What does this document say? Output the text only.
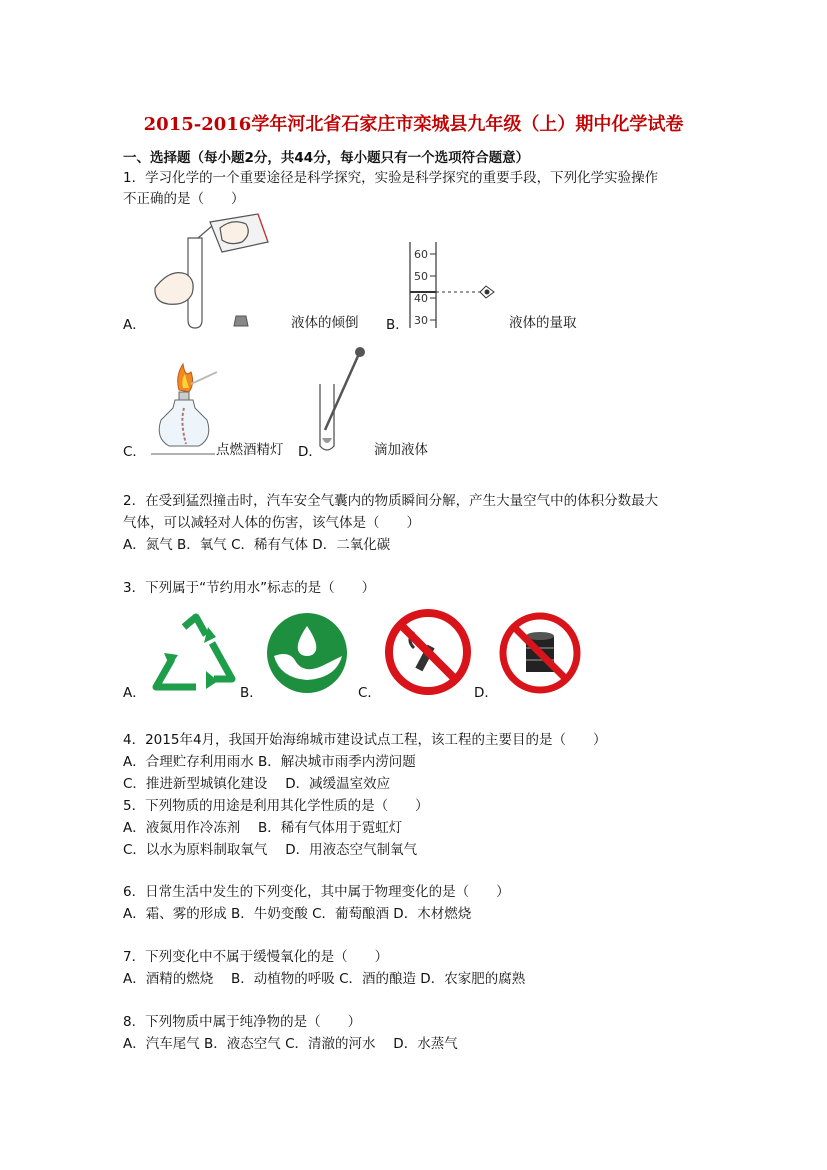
2015-2016学年河北省石家庄市栾城县九年级（上）期中化学试卷
一、选择题（每小题2分，共44分，每小题只有一个选项符合题意）
1．学习化学的一个重要途径是科学探究，实验是科学探究的重要手段，下列化学实验操作
不正确的是（　　）
A．	液体的倾倒
60
50
40
30
B．	液体的量取
C．	点燃酒精灯 D．	滴加液体
2．在受到猛烈撞击时，汽车安全气囊内的物质瞬间分解，产生大量空气中的体积分数最大
气体，可以减轻对人体的伤害，该气体是（　　）
A．氮气 B．氧气 C．稀有气体 D．二氧化碳
3．下列属于“节约用水”标志的是（　　）
A．	B．	C．	D．
4．2015年4月，我国开始海绵城市建设试点工程，该工程的主要目的是（　　）
A．合理贮存利用雨水 B．解决城市雨季内涝问题
C．推进新型城镇化建设　 D．减缓温室效应
5．下列物质的用途是利用其化学性质的是（　　）
A．液氮用作冷冻剂　 B．稀有气体用于霓虹灯
C．以水为原料制取氧气　 D．用液态空气制氧气
6．日常生活中发生的下列变化，其中属于物理变化的是（　　）
A．霜、雾的形成 B．牛奶变酸 C．葡萄酿酒 D．木材燃烧
7．下列变化中不属于缓慢氧化的是（　　）
A．酒精的燃烧　 B．动植物的呼吸 C．酒的酿造 D．农家肥的腐熟
8．下列物质中属于纯净物的是（　　）
A．汽车尾气 B．液态空气 C．清澈的河水　 D．水蒸气
